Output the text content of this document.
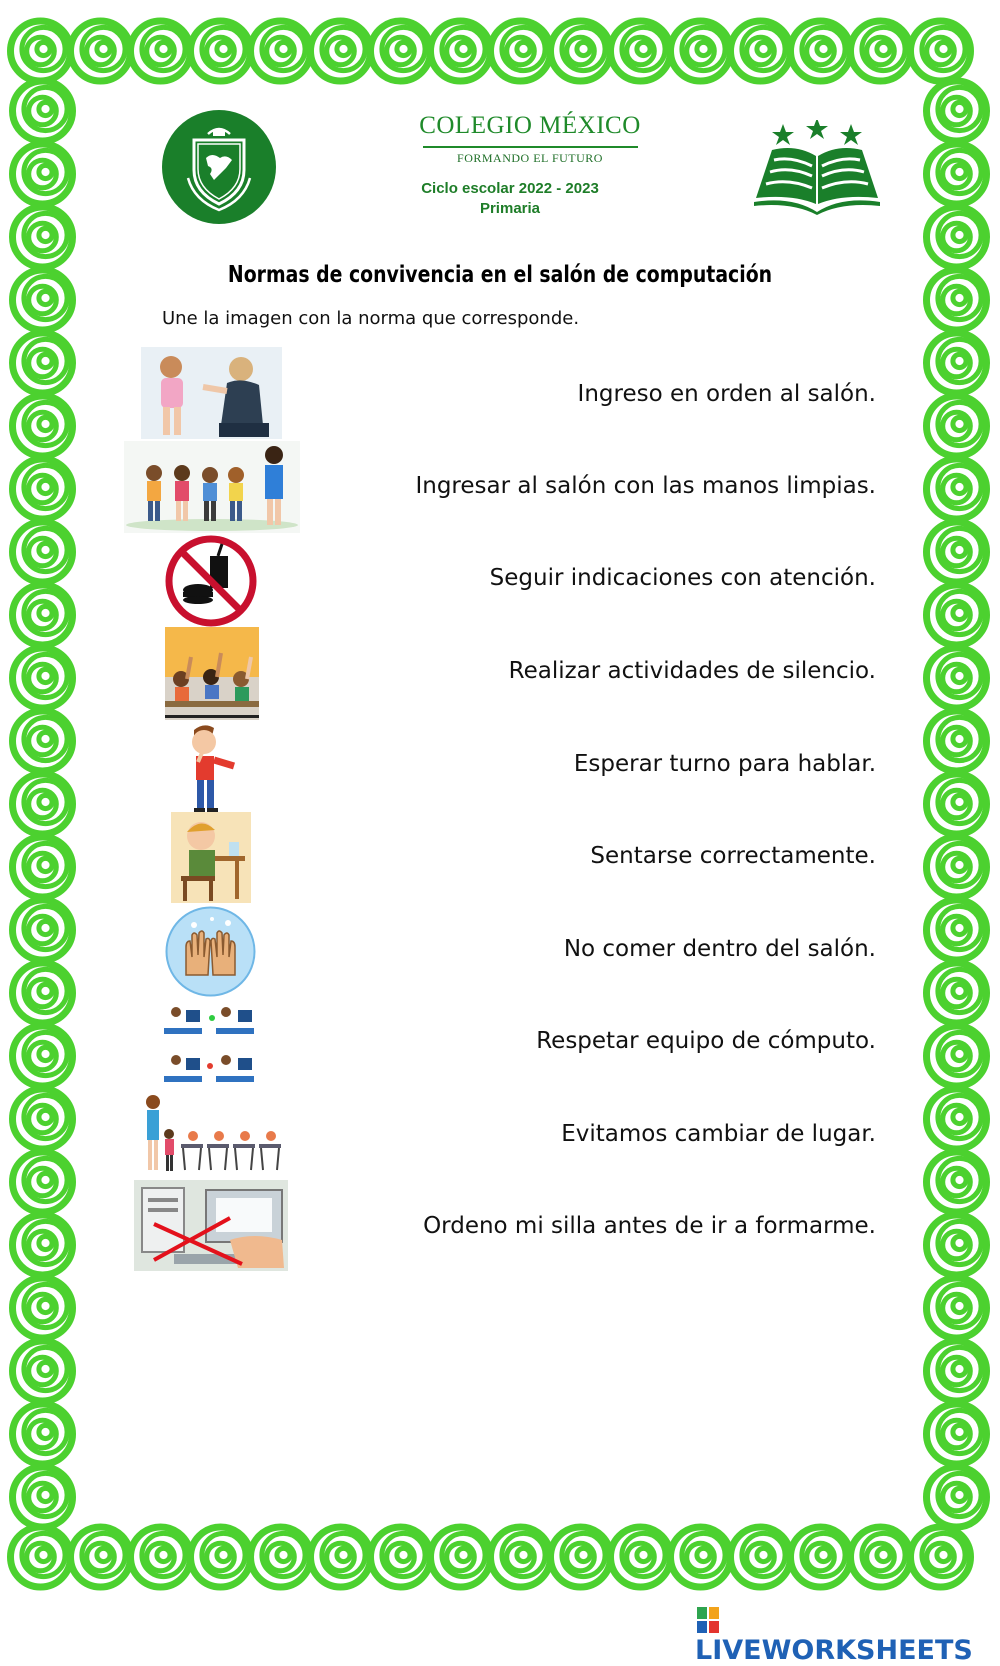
COLEGIO MÉXICO
FORMANDO EL FUTURO
Ciclo escolar 2022 - 2023
Primaria
Normas de convivencia en el salón de computación
Une la imagen con la norma que corresponde.
Ingreso en orden al salón.
Ingresar al salón con las manos limpias.
Seguir indicaciones con atención.
Realizar actividades de silencio.
Esperar turno para hablar.
Sentarse correctamente.
No comer dentro del salón.
Respetar equipo de cómputo.
Evitamos cambiar de lugar.
Ordeno mi silla antes de ir a formarme.
LIVEWORKSHEETS
